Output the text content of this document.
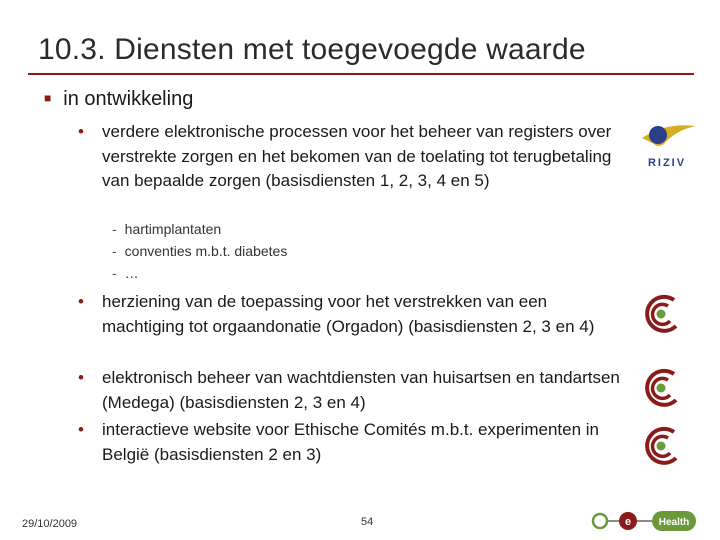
10.3. Diensten met toegevoegde waarde
■ in ontwikkeling
•	verdere elektronische processen voor het beheer van registers over verstrekte zorgen en het bekomen van de toelating tot terugbetaling van bepaalde zorgen (basisdiensten 1, 2, 3, 4 en 5)
- hartimplantaten
- conventies m.b.t. diabetes
- …
•	herziening van de toepassing voor het verstrekken van een machtiging tot orgaandonatie (Orgadon) (basisdiensten 2, 3 en 4)
•	elektronisch beheer van wachtdiensten van huisartsen en tandartsen (Medega) (basisdiensten 2, 3 en 4)
•	interactieve website voor Ethische Comités m.b.t. experimenten in België (basisdiensten 2 en 3)
RIZIV
29/10/2009	54	e	Health
